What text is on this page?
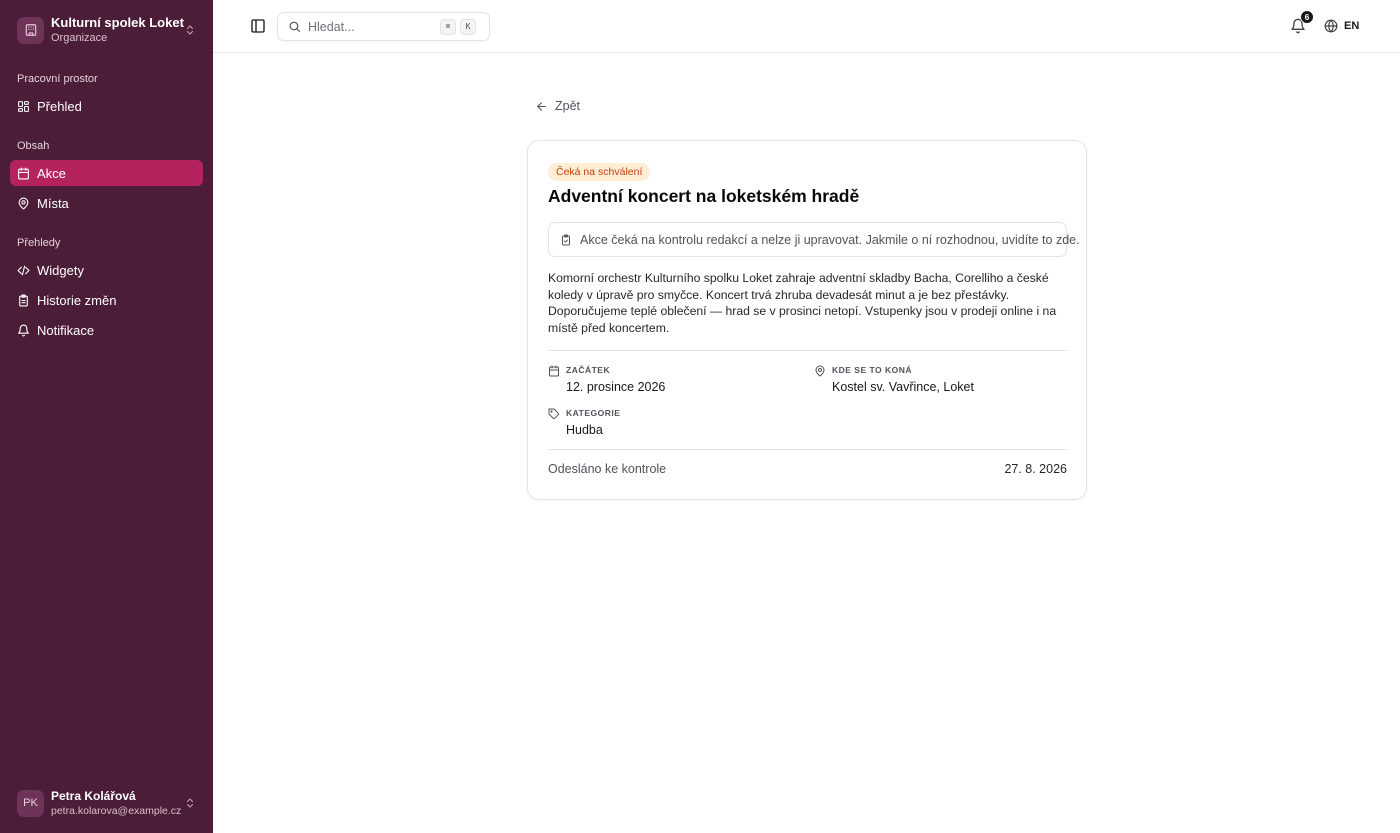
Kulturní spolek Loket
Organizace
Pracovní prostor
Přehled
Obsah
Akce
Místa
Přehledy
Widgety
Historie změn
Notifikace
PK
Petra Kolářová
petra.kolarova@example.cz
Hledat...
⌘	K
6
EN
Zpět
Čeká na schválení
Adventní koncert na loketském hradě
Akce čeká na kontrolu redakcí a nelze ji upravovat. Jakmile o ní rozhodnou, uvidíte to zde.

Komorní orchestr Kulturního spolku Loket zahraje adventní skladby Bacha, Corelliho a české koledy v úpravě pro smyčce. Koncert trvá zhruba devadesát minut a je bez přestávky. Doporučujeme teplé oblečení — hrad se v prosinci netopí. Vstupenky jsou v prodeji online i na místě před koncertem.

ZAČÁTEK
12. prosince 2026
KDE SE TO KONÁ
Kostel sv. Vavřince, Loket
KATEGORIE
Hudba
Odesláno ke kontrole	27. 8. 2026
